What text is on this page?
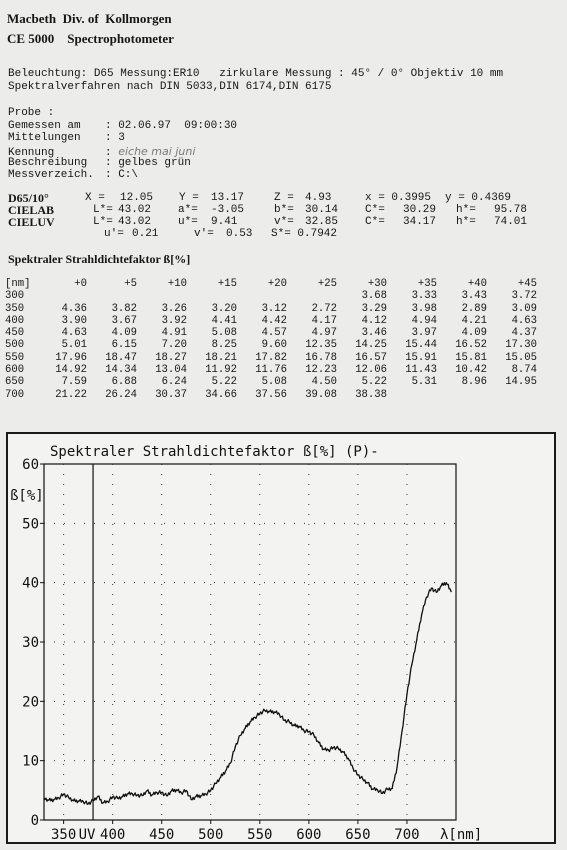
Macbeth  Div. of  Kollmorgen
CE 5000    Spectrophotometer
Beleuchtung: D65 Messung:ER10   zirkulare Messung : 45° / 0° Objektiv 10 mm
Spektralverfahren nach DIN 5033,DIN 6174,DIN 6175
Probe :
Gemessen am : 02.06.97  09:00:30
Mittelungen : 3
Kennung	: eiche mai juni
Beschreibung : gelbes grün
Messverzeich. : C:\
D65/10°	X = 12.05 Y = 13.17	Z = 4.93	x = 0.3995 y = 0.4369
CIELAB	L*= 43.02 a*= -3.05	b*= 30.14 C*= 30.29 h*= 95.78
CIELUV	L*= 43.02 u*= 9.41	v*= 32.85 C*= 34.17 h*= 74.01
u'= 0.21	v'= 0.53 S*= 0.7942
Spektraler Strahldichtefaktor ß[%]
[nm]	+0	+5	+10	+15	+20	+25	+30	+35	+40	+45
300							3.68	3.33	3.43	3.72
350	4.36	3.82	3.26	3.20	3.12	2.72	3.29	3.98	2.89	3.09
400	3.90	3.67	3.92	4.41	4.42	4.17	4.12	4.94	4.21	4.63
450	4.63	4.09	4.91	5.08	4.57	4.97	3.46	3.97	4.09	4.37
500	5.01	6.15	7.20	8.25	9.60	12.35	14.25	15.44	16.52	17.30
550	17.96	18.47	18.27	18.21	17.82	16.78	16.57	15.91	15.81	15.05
600	14.92	14.34	13.04	11.92	11.76	12.23	12.06	11.43	10.42	8.74
650	7.59	6.88	6.24	5.22	5.08	4.50	5.22	5.31	8.96	14.95
700	21.22	26.24	30.37	34.66	37.56	39.08	38.38			
Spektraler Strahldichtefaktor ß[%] (P)-
ß[%]
0
10
20
30
40
50
60
350 400 450 500 550 600 650 700
UV	λ[nm]
